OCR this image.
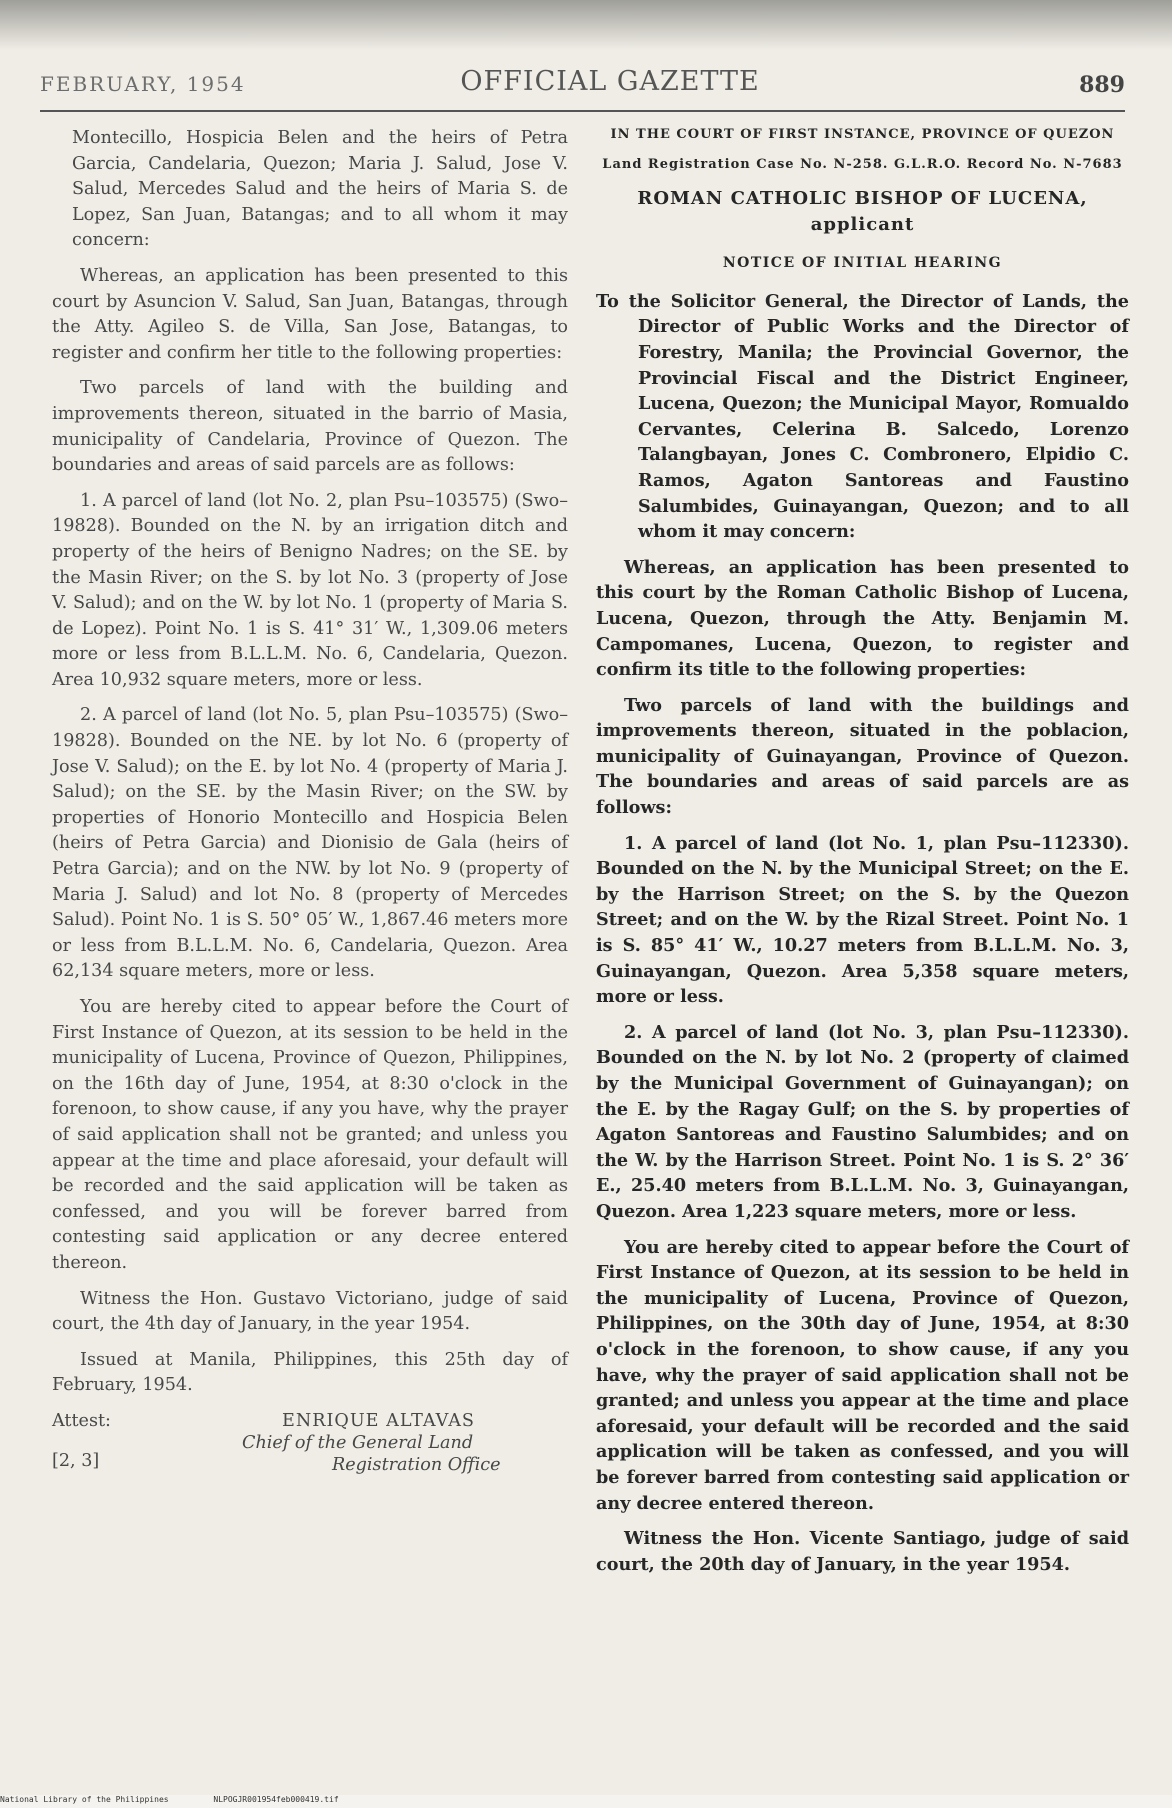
FEBRUARY, 1954	OFFICIAL GAZETTE	889

Montecillo, Hospicia Belen and the heirs of Petra Garcia, Candelaria, Quezon; Maria J. Salud, Jose V. Salud, Mercedes Salud and the heirs of Maria S. de Lopez, San Juan, Batangas; and to all whom it may concern:

Whereas, an application has been presented to this court by Asuncion V. Salud, San Juan, Batangas, through the Atty. Agileo S. de Villa, San Jose, Batangas, to register and confirm her title to the following properties:

Two parcels of land with the building and improvements thereon, situated in the barrio of Masia, municipality of Candelaria, Province of Quezon. The boundaries and areas of said parcels are as follows:

1. A parcel of land (lot No. 2, plan Psu–103575) (Swo–19828). Bounded on the N. by an irrigation ditch and property of the heirs of Benigno Nadres; on the SE. by the Masin River; on the S. by lot No. 3 (property of Jose V. Salud); and on the W. by lot No. 1 (property of Maria S. de Lopez). Point No. 1 is S. 41° 31′ W., 1,309.06 meters more or less from B.L.L.M. No. 6, Candelaria, Quezon. Area 10,932 square meters, more or less.

2. A parcel of land (lot No. 5, plan Psu–103575) (Swo–19828). Bounded on the NE. by lot No. 6 (property of Jose V. Salud); on the E. by lot No. 4 (property of Maria J. Salud); on the SE. by the Masin River; on the SW. by properties of Honorio Montecillo and Hospicia Belen (heirs of Petra Garcia) and Dionisio de Gala (heirs of Petra Garcia); and on the NW. by lot No. 9 (property of Maria J. Salud) and lot No. 8 (property of Mercedes Salud). Point No. 1 is S. 50° 05′ W., 1,867.46 meters more or less from B.L.L.M. No. 6, Candelaria, Quezon. Area 62,134 square meters, more or less.

You are hereby cited to appear before the Court of First Instance of Quezon, at its session to be held in the municipality of Lucena, Province of Quezon, Philippines, on the 16th day of June, 1954, at 8:30 o'clock in the forenoon, to show cause, if any you have, why the prayer of said application shall not be granted; and unless you appear at the time and place aforesaid, your default will be recorded and the said application will be taken as confessed, and you will be forever barred from contesting said application or any decree entered thereon.

Witness the Hon. Gustavo Victoriano, judge of said court, the 4th day of January, in the year 1954.

Issued at Manila, Philippines, this 25th day of February, 1954.

Attest:
[2, 3]
ENRIQUE ALTAVAS
Chief of the General Land
Registration Office

IN THE COURT OF FIRST INSTANCE, PROVINCE OF QUEZON

Land Registration Case No. N-258. G.L.R.O. Record No. N-7683

ROMAN CATHOLIC BISHOP OF LUCENA, applicant

NOTICE OF INITIAL HEARING

To the Solicitor General, the Director of Lands, the Director of Public Works and the Director of Forestry, Manila; the Provincial Governor, the Provincial Fiscal and the District Engineer, Lucena, Quezon; the Municipal Mayor, Romualdo Cervantes, Celerina B. Salcedo, Lorenzo Talangbayan, Jones C. Combronero, Elpidio C. Ramos, Agaton Santoreas and Faustino Salumbides, Guinayangan, Quezon; and to all whom it may concern:

Whereas, an application has been presented to this court by the Roman Catholic Bishop of Lucena, Lucena, Quezon, through the Atty. Benjamin M. Campomanes, Lucena, Quezon, to register and confirm its title to the following properties:

Two parcels of land with the buildings and improvements thereon, situated in the poblacion, municipality of Guinayangan, Province of Quezon. The boundaries and areas of said parcels are as follows:

1. A parcel of land (lot No. 1, plan Psu–112330). Bounded on the N. by the Municipal Street; on the E. by the Harrison Street; on the S. by the Quezon Street; and on the W. by the Rizal Street. Point No. 1 is S. 85° 41′ W., 10.27 meters from B.L.L.M. No. 3, Guinayangan, Quezon. Area 5,358 square meters, more or less.

2. A parcel of land (lot No. 3, plan Psu–112330). Bounded on the N. by lot No. 2 (property of claimed by the Municipal Government of Guinayangan); on the E. by the Ragay Gulf; on the S. by properties of Agaton Santoreas and Faustino Salumbides; and on the W. by the Harrison Street. Point No. 1 is S. 2° 36′ E., 25.40 meters from B.L.L.M. No. 3, Guinayangan, Quezon. Area 1,223 square meters, more or less.

You are hereby cited to appear before the Court of First Instance of Quezon, at its session to be held in the municipality of Lucena, Province of Quezon, Philippines, on the 30th day of June, 1954, at 8:30 o'clock in the forenoon, to show cause, if any you have, why the prayer of said application shall not be granted; and unless you appear at the time and place aforesaid, your default will be recorded and the said application will be taken as confessed, and you will be forever barred from contesting said application or any decree entered thereon.

Witness the Hon. Vicente Santiago, judge of said court, the 20th day of January, in the year 1954.

National Library of the Philippines	NLPOGJR001954feb000419.tif
